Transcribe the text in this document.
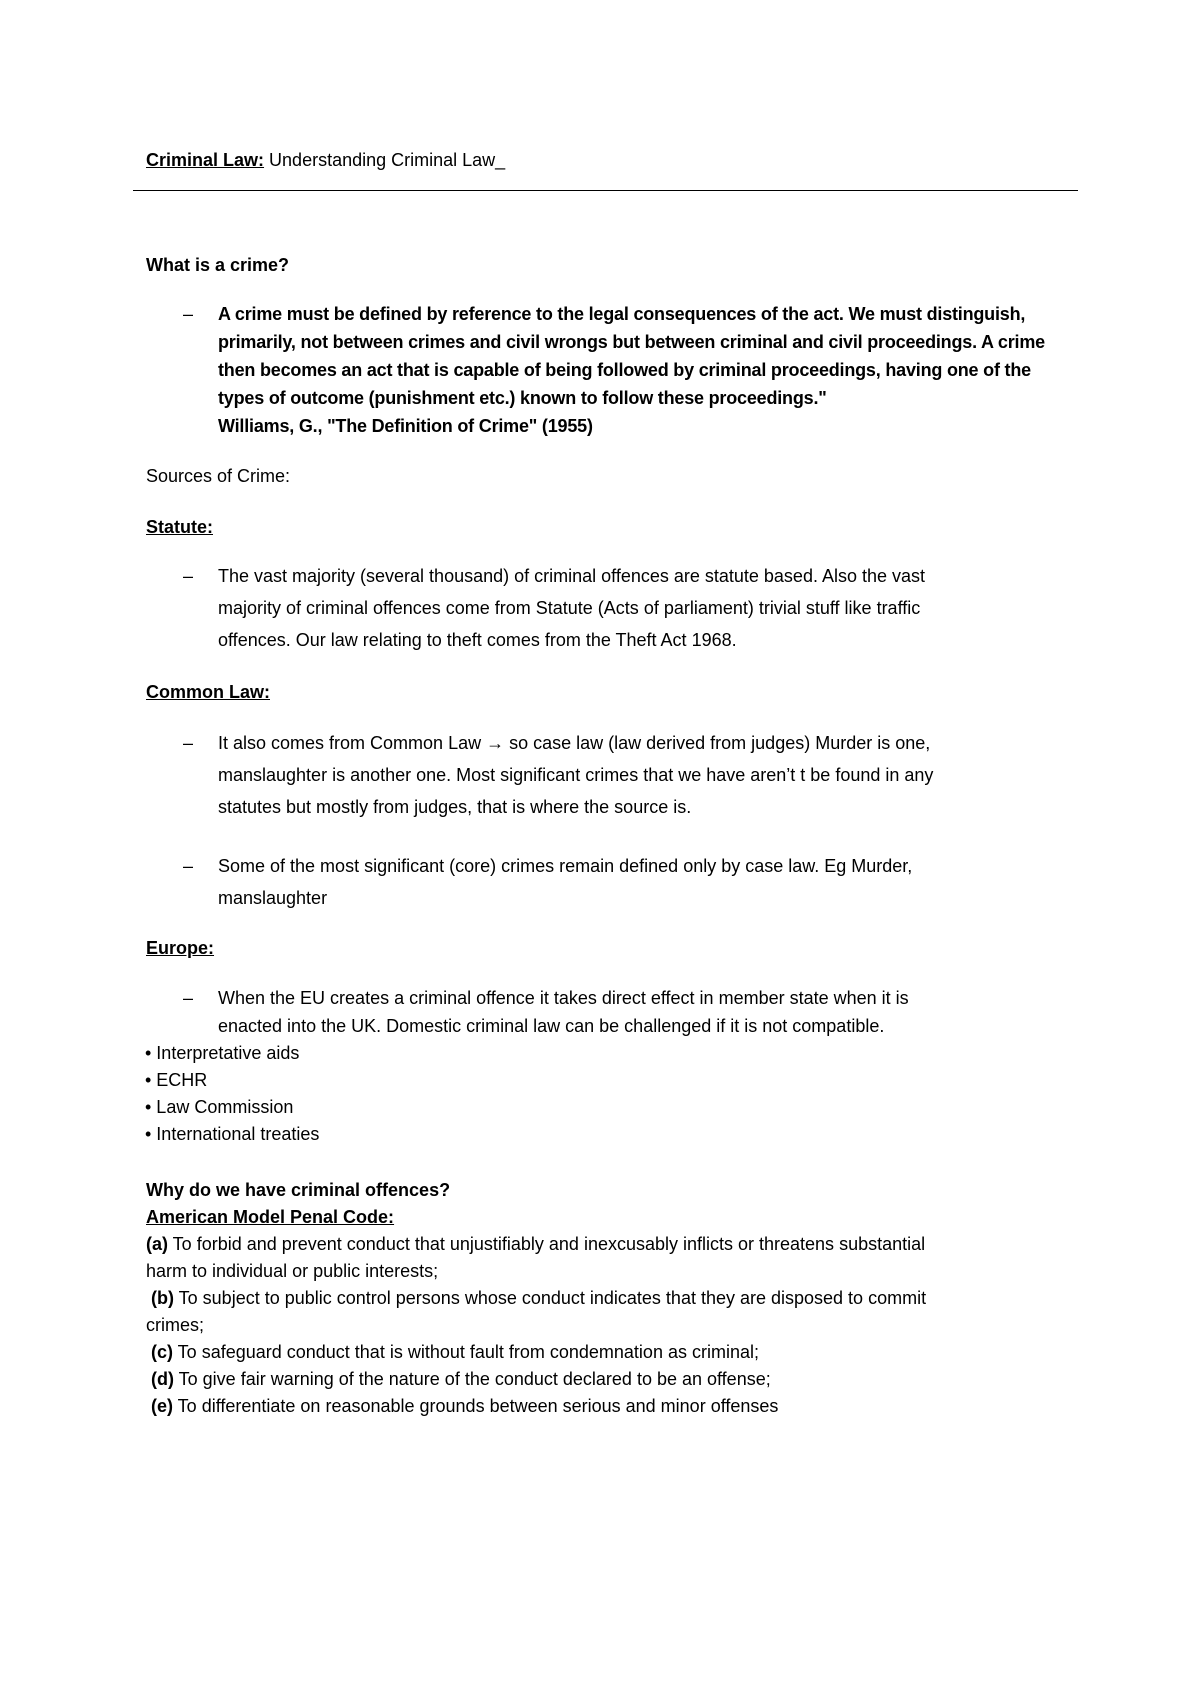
Criminal Law: Understanding Criminal Law_
What is a crime?
– A crime must be defined by reference to the legal consequences of the act. We must distinguish,
primarily, not between crimes and civil wrongs but between criminal and civil proceedings. A crime
then becomes an act that is capable of being followed by criminal proceedings, having one of the
types of outcome (punishment etc.) known to follow these proceedings."
Williams, G., "The Definition of Crime" (1955)
Sources of Crime:
Statute:
– The vast majority (several thousand) of criminal offences are statute based. Also the vast
majority of criminal offences come from Statute (Acts of parliament) trivial stuff like traffic
offences. Our law relating to theft comes from the Theft Act 1968.
Common Law:
– It also comes from Common Law → so case law (law derived from judges) Murder is one,
manslaughter is another one. Most significant crimes that we have aren’t t be found in any
statutes but mostly from judges, that is where the source is.
– Some of the most significant (core) crimes remain defined only by case law. Eg Murder,
manslaughter
Europe:
– When the EU creates a criminal offence it takes direct effect in member state when it is
enacted into the UK. Domestic criminal law can be challenged if it is not compatible.
• Interpretative aids
• ECHR
• Law Commission
• International treaties
Why do we have criminal offences?
American Model Penal Code:
(a) To forbid and prevent conduct that unjustifiably and inexcusably inflicts or threatens substantial
harm to individual or public interests;
(b) To subject to public control persons whose conduct indicates that they are disposed to commit
crimes;
(c) To safeguard conduct that is without fault from condemnation as criminal;
(d) To give fair warning of the nature of the conduct declared to be an offense;
(e) To differentiate on reasonable grounds between serious and minor offenses
